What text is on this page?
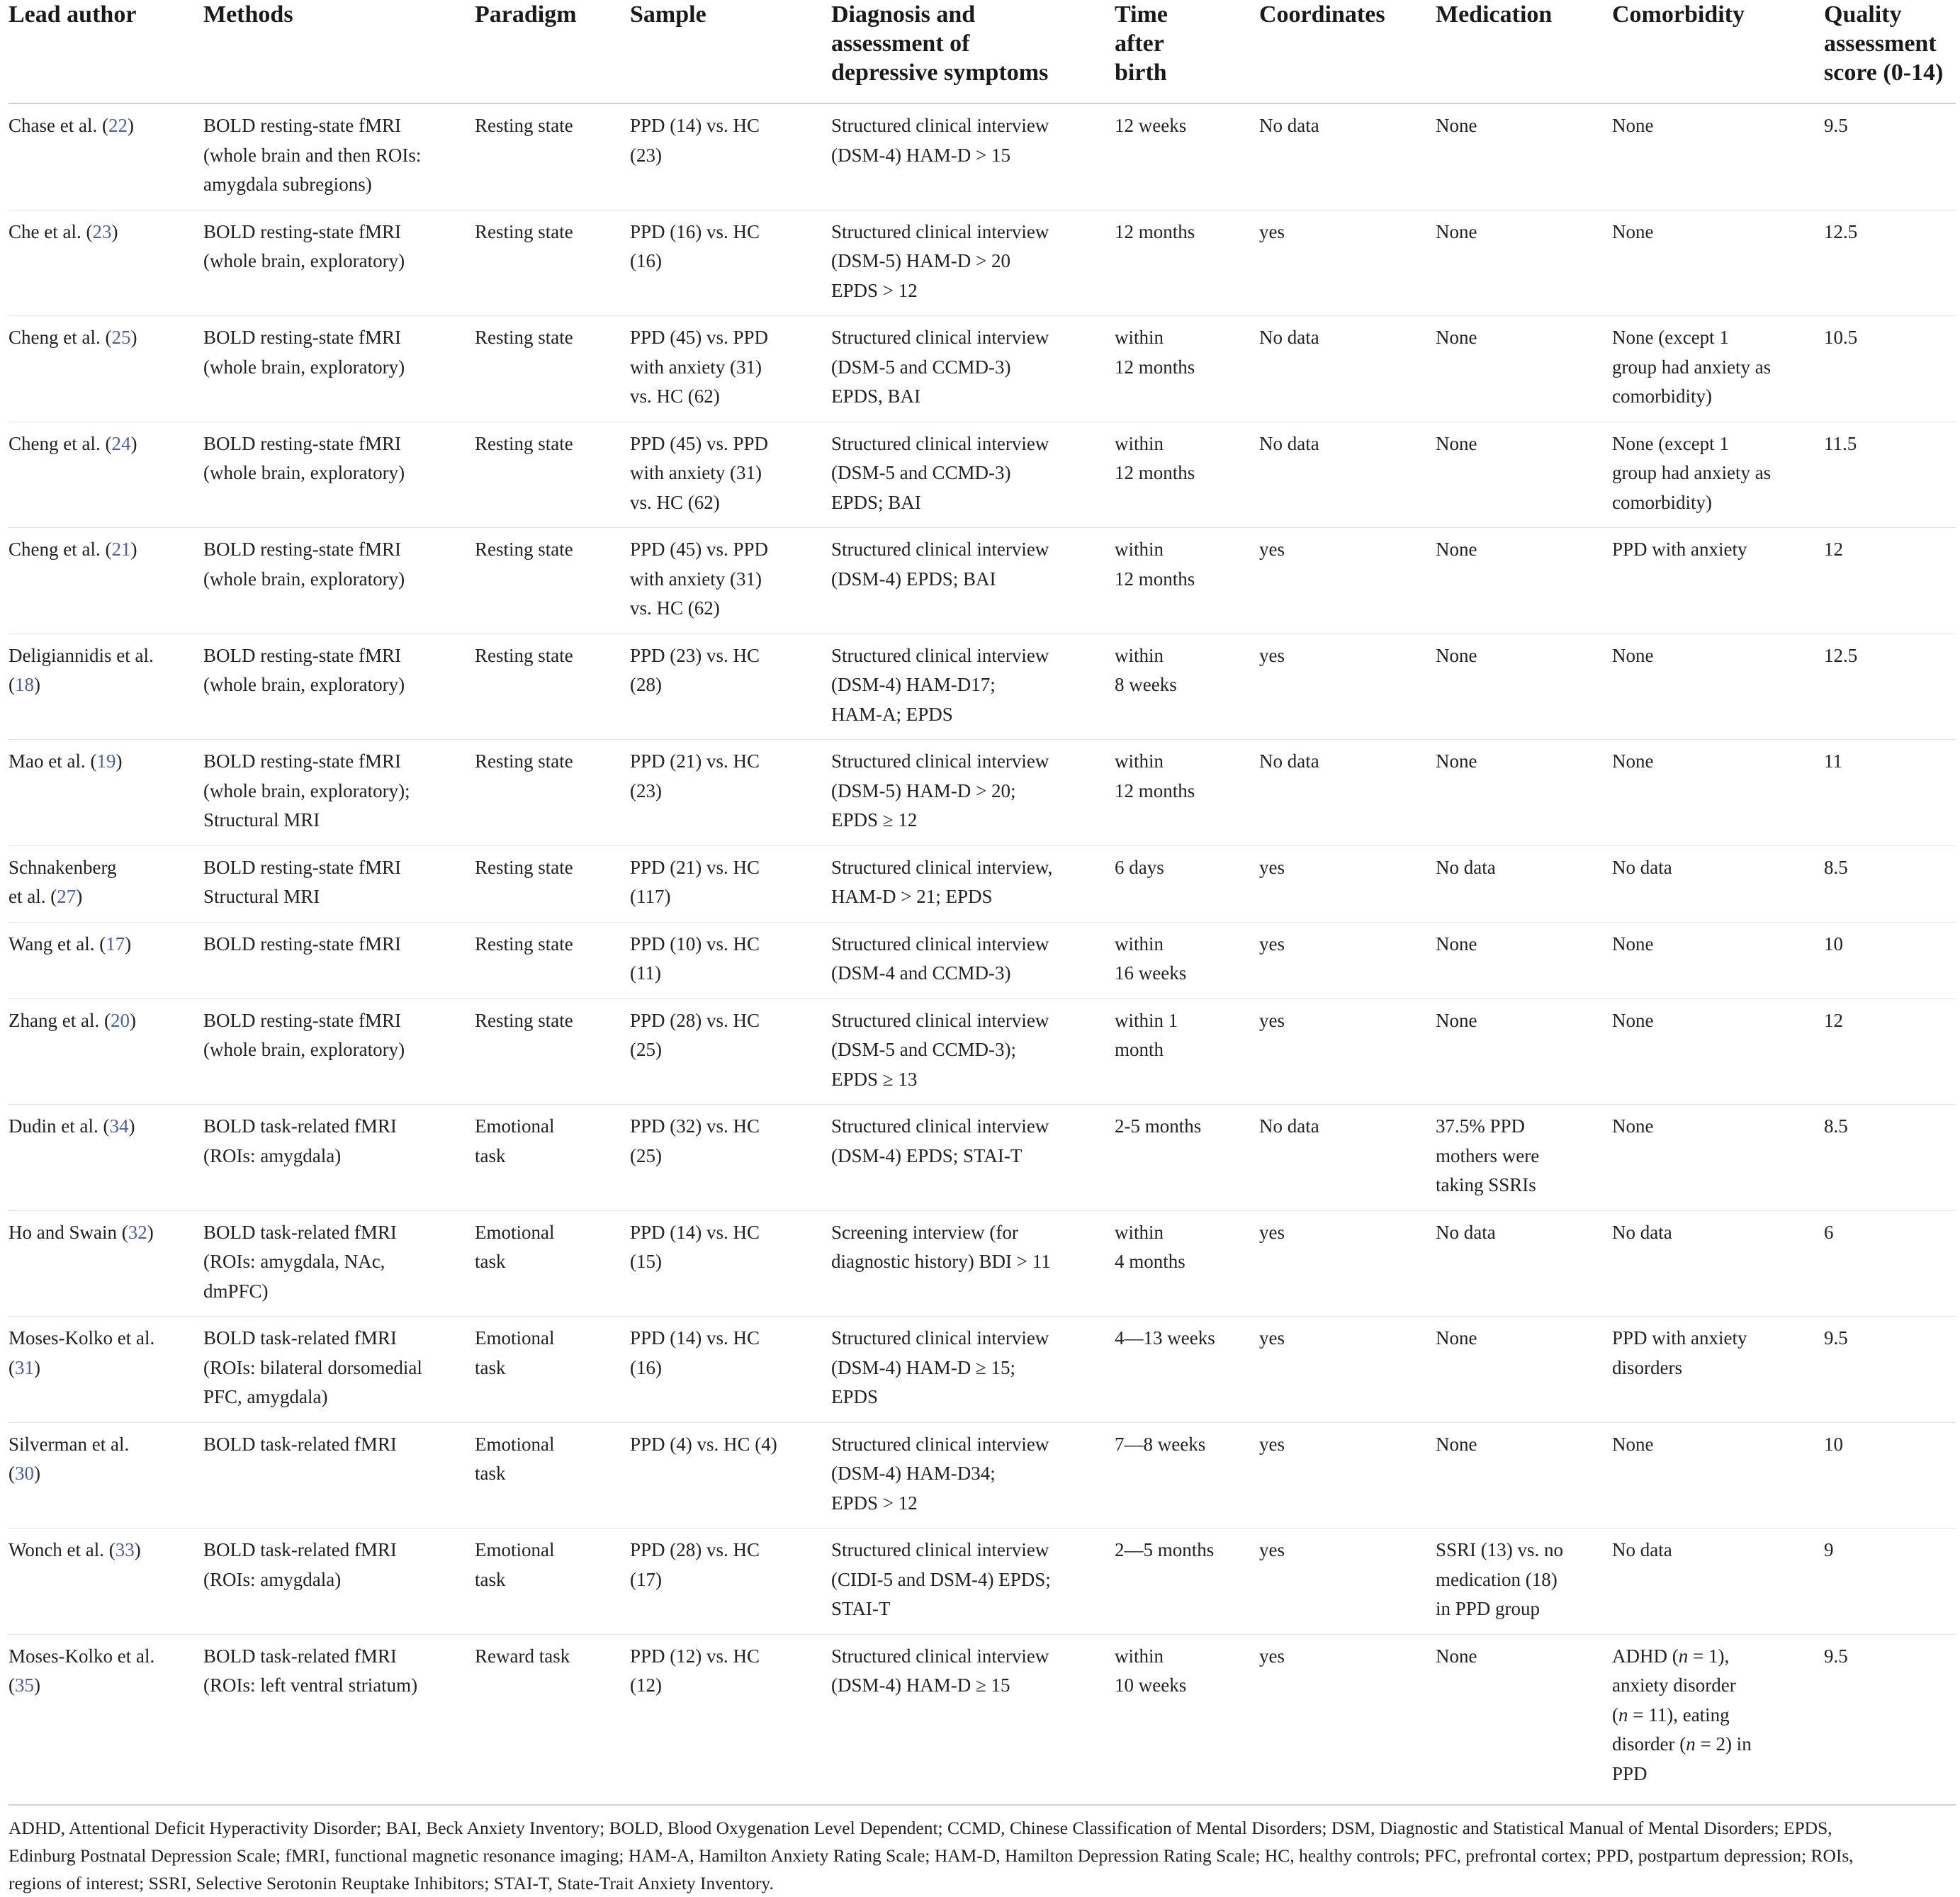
Lead author	Methods	Paradigm	Sample	Diagnosis and
assessment of
depressive symptoms	Time
after
birth	Coordinates	Medication	Comorbidity	Quality
assessment
score (0-14)

Chase et al. (22)	BOLD resting-state fMRI
(whole brain and then ROIs:
amygdala subregions)	Resting state	PPD (14) vs. HC
(23)	Structured clinical interview
(DSM-4) HAM-D > 15	12 weeks	No data	None	None	9.5

Che et al. (23)	BOLD resting-state fMRI
(whole brain, exploratory)	Resting state	PPD (16) vs. HC
(16)	Structured clinical interview
(DSM-5) HAM-D > 20
EPDS > 12	12 months	yes	None	None	12.5

Cheng et al. (25)	BOLD resting-state fMRI
(whole brain, exploratory)	Resting state	PPD (45) vs. PPD
with anxiety (31)
vs. HC (62)	Structured clinical interview
(DSM-5 and CCMD-3)
EPDS, BAI	within
12 months	No data	None	None (except 1
group had anxiety as
comorbidity)	10.5

Cheng et al. (24)	BOLD resting-state fMRI
(whole brain, exploratory)	Resting state	PPD (45) vs. PPD
with anxiety (31)
vs. HC (62)	Structured clinical interview
(DSM-5 and CCMD-3)
EPDS; BAI	within
12 months	No data	None	None (except 1
group had anxiety as
comorbidity)	11.5

Cheng et al. (21)	BOLD resting-state fMRI
(whole brain, exploratory)	Resting state	PPD (45) vs. PPD
with anxiety (31)
vs. HC (62)	Structured clinical interview
(DSM-4) EPDS; BAI	within
12 months	yes	None	PPD with anxiety	12

Deligiannidis et al.
(18)	BOLD resting-state fMRI
(whole brain, exploratory)	Resting state	PPD (23) vs. HC
(28)	Structured clinical interview
(DSM-4) HAM-D17;
HAM-A; EPDS	within
8 weeks	yes	None	None	12.5

Mao et al. (19)	BOLD resting-state fMRI
(whole brain, exploratory);
Structural MRI	Resting state	PPD (21) vs. HC
(23)	Structured clinical interview
(DSM-5) HAM-D > 20;
EPDS ≥ 12	within
12 months	No data	None	None	11

Schnakenberg
et al. (27)	BOLD resting-state fMRI
Structural MRI	Resting state	PPD (21) vs. HC
(117)	Structured clinical interview,
HAM-D > 21; EPDS	6 days	yes	No data	No data	8.5

Wang et al. (17)	BOLD resting-state fMRI	Resting state	PPD (10) vs. HC
(11)	Structured clinical interview
(DSM-4 and CCMD-3)	within
16 weeks	yes	None	None	10

Zhang et al. (20)	BOLD resting-state fMRI
(whole brain, exploratory)	Resting state	PPD (28) vs. HC
(25)	Structured clinical interview
(DSM-5 and CCMD-3);
EPDS ≥ 13	within 1
month	yes	None	None	12

Dudin et al. (34)	BOLD task-related fMRI
(ROIs: amygdala)	Emotional
task	PPD (32) vs. HC
(25)	Structured clinical interview
(DSM-4) EPDS; STAI-T	2-5 months	No data	37.5% PPD
mothers were
taking SSRIs	None	8.5

Ho and Swain (32)	BOLD task-related fMRI
(ROIs: amygdala, NAc,
dmPFC)	Emotional
task	PPD (14) vs. HC
(15)	Screening interview (for
diagnostic history) BDI > 11	within
4 months	yes	No data	No data	6

Moses-Kolko et al.
(31)	BOLD task-related fMRI
(ROIs: bilateral dorsomedial
PFC, amygdala)	Emotional
task	PPD (14) vs. HC
(16)	Structured clinical interview
(DSM-4) HAM-D ≥ 15;
EPDS	4—13 weeks	yes	None	PPD with anxiety
disorders	9.5

Silverman et al.
(30)	BOLD task-related fMRI	Emotional
task	PPD (4) vs. HC (4)	Structured clinical interview
(DSM-4) HAM-D34;
EPDS > 12	7—8 weeks	yes	None	None	10

Wonch et al. (33)	BOLD task-related fMRI
(ROIs: amygdala)	Emotional
task	PPD (28) vs. HC
(17)	Structured clinical interview
(CIDI-5 and DSM-4) EPDS;
STAI-T	2—5 months	yes	SSRI (13) vs. no
medication (18)
in PPD group	No data	9

Moses-Kolko et al.
(35)	BOLD task-related fMRI
(ROIs: left ventral striatum)	Reward task	PPD (12) vs. HC
(12)	Structured clinical interview
(DSM-4) HAM-D ≥ 15	within
10 weeks	yes	None	ADHD (n = 1),
anxiety disorder
(n = 11), eating
disorder (n = 2) in
PPD	9.5
ADHD, Attentional Deficit Hyperactivity Disorder; BAI, Beck Anxiety Inventory; BOLD, Blood Oxygenation Level Dependent; CCMD, Chinese Classification of Mental Disorders; DSM, Diagnostic and Statistical Manual of Mental Disorders; EPDS,
Edinburg Postnatal Depression Scale; fMRI, functional magnetic resonance imaging; HAM-A, Hamilton Anxiety Rating Scale; HAM-D, Hamilton Depression Rating Scale; HC, healthy controls; PFC, prefrontal cortex; PPD, postpartum depression; ROIs,
regions of interest; SSRI, Selective Serotonin Reuptake Inhibitors; STAI-T, State-Trait Anxiety Inventory.
